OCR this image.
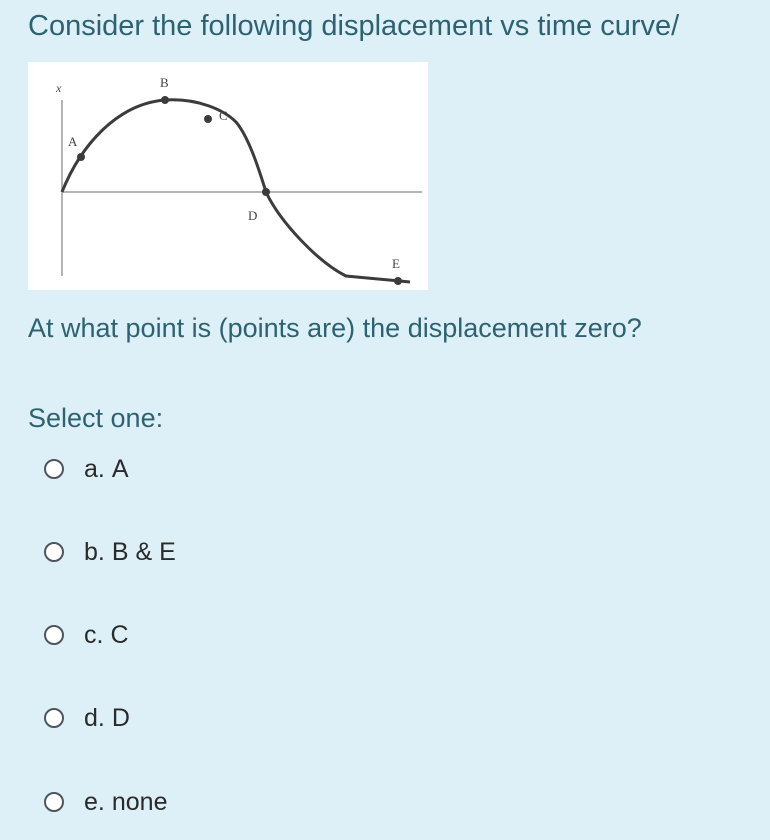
Consider the following displacement vs time curve/
x
A
B
C
D
E
At what point is (points are) the displacement zero?
Select one:
a. A
b. B & E
c. C
d. D
e. none
